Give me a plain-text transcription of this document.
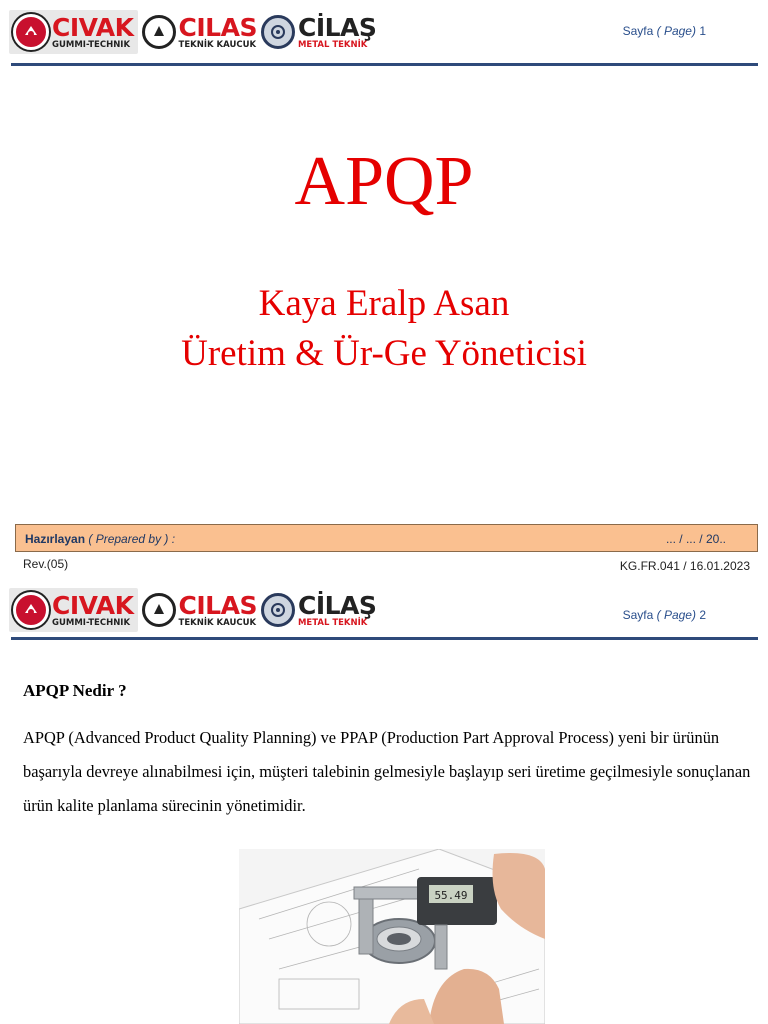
CIVAK
GUMMI-TECHNIK
CILAS
TEKNİK KAUCUK
CİLAŞ
METAL TEKNİK
Sayfa ( Page) 1
APQP
Kaya Eralp Asan
Üretim & Ür-Ge Yöneticisi
Hazırlayan ( Prepared by ) :	... / ... / 20..
Rev.(05)	KG.FR.041 / 16.01.2023
CIVAK
GUMMI-TECHNIK
CILAS
TEKNİK KAUCUK
CİLAŞ
METAL TEKNİK
Sayfa ( Page) 2
APQP Nedir ?
APQP (Advanced Product Quality Planning) ve PPAP (Production Part Approval Process) yeni bir ürünün başarıyla devreye alınabilmesi için, müşteri talebinin gelmesiyle başlayıp seri üretime geçilmesiyle sonuçlanan ürün kalite planlama sürecinin yönetimidir.
55.49
